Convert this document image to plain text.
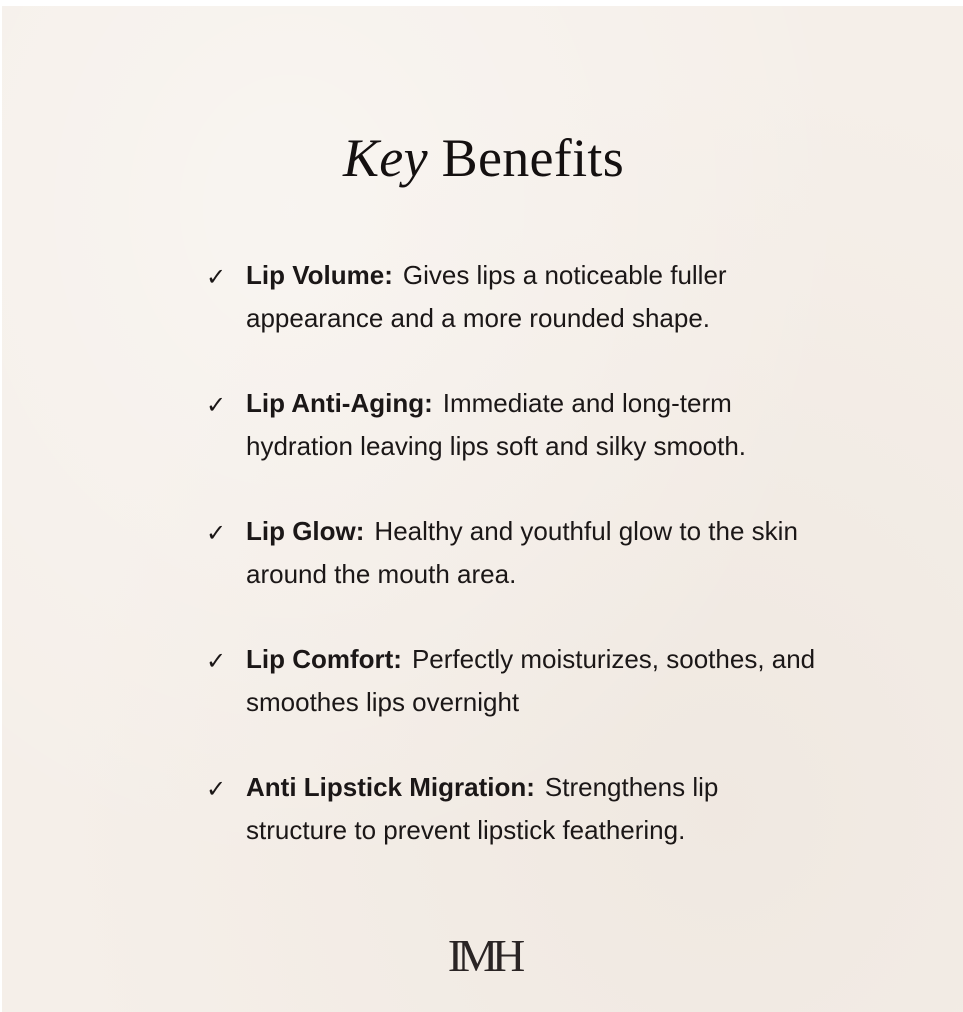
Key Benefits
✓ Lip Volume: Gives lips a noticeable fuller appearance and a more rounded shape.
✓ Lip Anti-Aging: Immediate and long-term hydration leaving lips soft and silky smooth.
✓ Lip Glow: Healthy and youthful glow to the skin around the mouth area.
✓ Lip Comfort: Perfectly moisturizes, soothes, and smoothes lips overnight
✓ Anti Lipstick Migration: Strengthens lip structure to prevent lipstick feathering.
IMH
